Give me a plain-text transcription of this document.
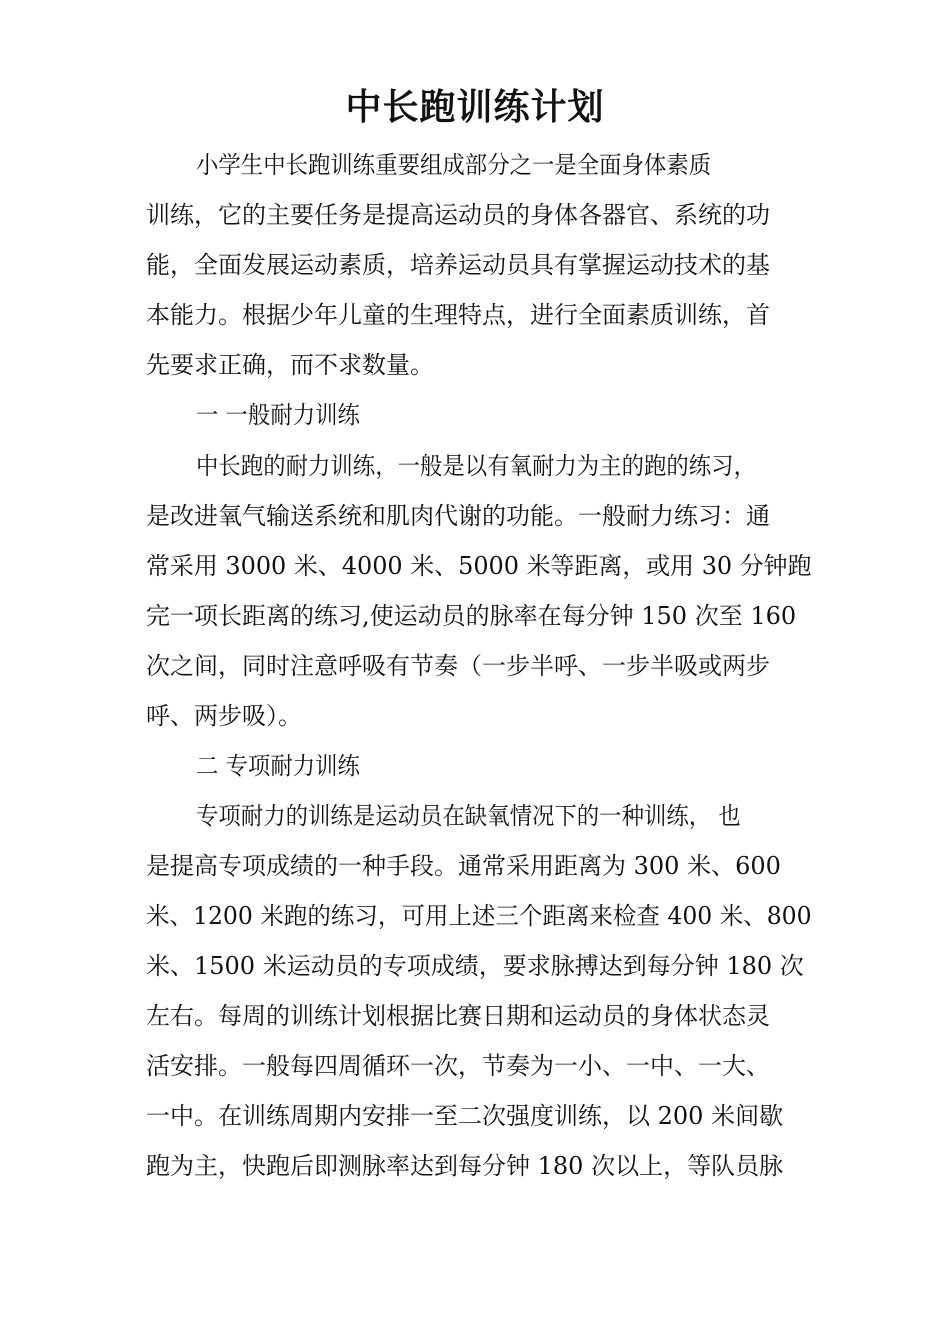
中长跑训练计划
小学生中长跑训练重要组成部分之一是全面身体素质
训练，它的主要任务是提高运动员的身体各器官、系统的功
能，全面发展运动素质，培养运动员具有掌握运动技术的基
本能力。根据少年儿童的生理特点，进行全面素质训练，首
先要求正确，而不求数量。
一 一般耐力训练
中长跑的耐力训练，一般是以有氧耐力为主的跑的练习，
是改进氧气输送系统和肌肉代谢的功能。一般耐力练习：通
常采用 3000 米、4000 米、5000 米等距离，或用 30 分钟跑
完一项长距离的练习,使运动员的脉率在每分钟 150 次至 160
次之间，同时注意呼吸有节奏（一步半呼、一步半吸或两步
呼、两步吸）。
二 专项耐力训练
专项耐力的训练是运动员在缺氧情况下的一种训练， 也
是提高专项成绩的一种手段。通常采用距离为 300 米、600
米、1200 米跑的练习，可用上述三个距离来检查 400 米、800
米、1500 米运动员的专项成绩，要求脉搏达到每分钟 180 次
左右。每周的训练计划根据比赛日期和运动员的身体状态灵
活安排。一般每四周循环一次，节奏为一小、一中、一大、
一中。在训练周期内安排一至二次强度训练，以 200 米间歇
跑为主，快跑后即测脉率达到每分钟 180 次以上，等队员脉
